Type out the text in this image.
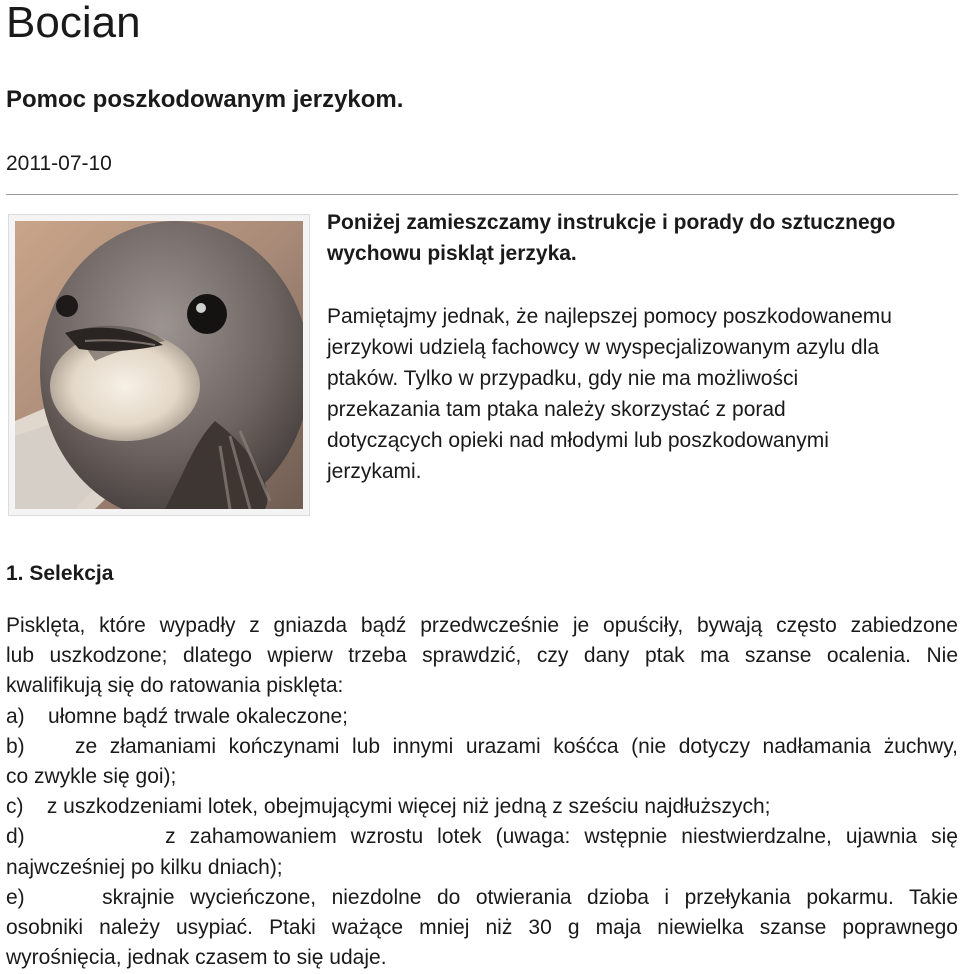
Bocian
Pomoc poszkodowanym jerzykom.
2011-07-10

Poniżej zamieszczamy instrukcje i porady do sztucznego
wychowu piskląt jerzyka.

Pamiętajmy jednak, że najlepszej pomocy poszkodowanemu
jerzykowi udzielą fachowcy w wyspecjalizowanym azylu dla
ptaków. Tylko w przypadku, gdy nie ma możliwości
przekazania tam ptaka należy skorzystać z porad
dotyczących opieki nad młodymi lub poszkodowanymi
jerzykami.

1. Selekcja

Pisklęta, które wypadły z gniazda bądź przedwcześnie je opuściły, bywają często zabiedzone
lub uszkodzone; dlatego wpierw trzeba sprawdzić, czy dany ptak ma szanse ocalenia. Nie
kwalifikują się do ratowania pisklęta:

a)    ułomne bądź trwale okaleczone;
b)    ze złamaniami kończynami lub innymi urazami kośćca (nie dotyczy nadłamania żuchwy,
co zwykle się goi);
c)    z uszkodzeniami lotek, obejmującymi więcej niż jedną z sześciu najdłuższych;
d)          z zahamowaniem wzrostu lotek (uwaga: wstępnie niestwierdzalne, ujawnia się
najwcześniej po kilku dniach);
e)     skrajnie wycieńczone, niezdolne do otwierania dzioba i przełykania pokarmu. Takie
osobniki należy usypiać. Ptaki ważące mniej niż 30 g maja niewielka szanse poprawnego
wyrośnięcia, jednak czasem to się udaje.
